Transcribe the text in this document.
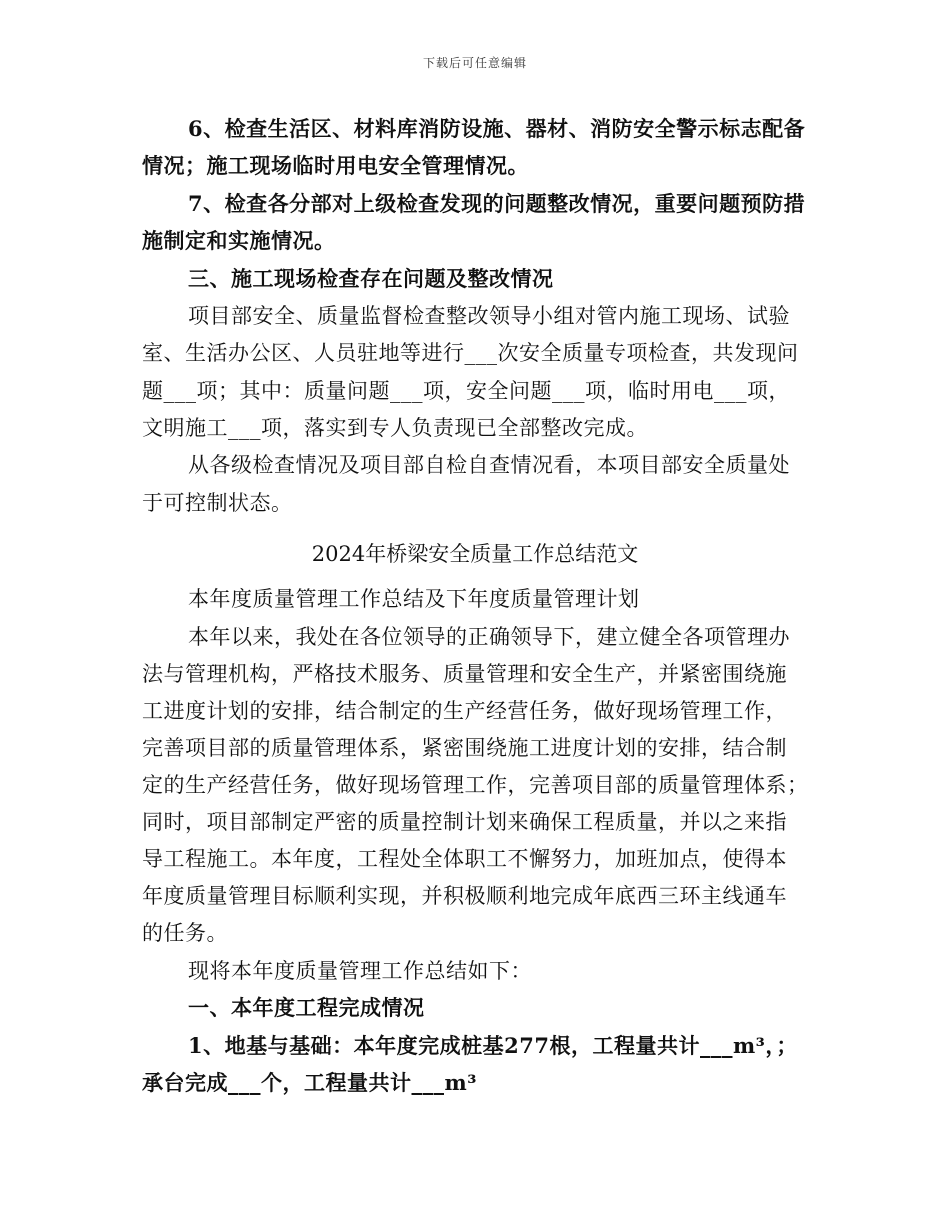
下载后可任意编辑
6、检查生活区、材料库消防设施、器材、消防安全警示标志配备
情况；施工现场临时用电安全管理情况。
7、检查各分部对上级检查发现的问题整改情况，重要问题预防措
施制定和实施情况。
三、施工现场检查存在问题及整改情况
项目部安全、质量监督检查整改领导小组对管内施工现场、试验
室、生活办公区、人员驻地等进行___次安全质量专项检查，共发现问
题___项；其中：质量问题___项，安全问题___项，临时用电___项，
文明施工___项，落实到专人负责现已全部整改完成。
从各级检查情况及项目部自检自查情况看，本项目部安全质量处
于可控制状态。
2024年桥梁安全质量工作总结范文
本年度质量管理工作总结及下年度质量管理计划
本年以来，我处在各位领导的正确领导下，建立健全各项管理办
法与管理机构，严格技术服务、质量管理和安全生产，并紧密围绕施
工进度计划的安排，结合制定的生产经营任务，做好现场管理工作，
完善项目部的质量管理体系，紧密围绕施工进度计划的安排，结合制
定的生产经营任务，做好现场管理工作，完善项目部的质量管理体系；
同时，项目部制定严密的质量控制计划来确保工程质量，并以之来指
导工程施工。本年度，工程处全体职工不懈努力，加班加点，使得本
年度质量管理目标顺利实现，并积极顺利地完成年底西三环主线通车
的任务。
现将本年度质量管理工作总结如下：
一、本年度工程完成情况
1、地基与基础：本年度完成桩基277根，工程量共计___m³，；
承台完成___个，工程量共计___m³
